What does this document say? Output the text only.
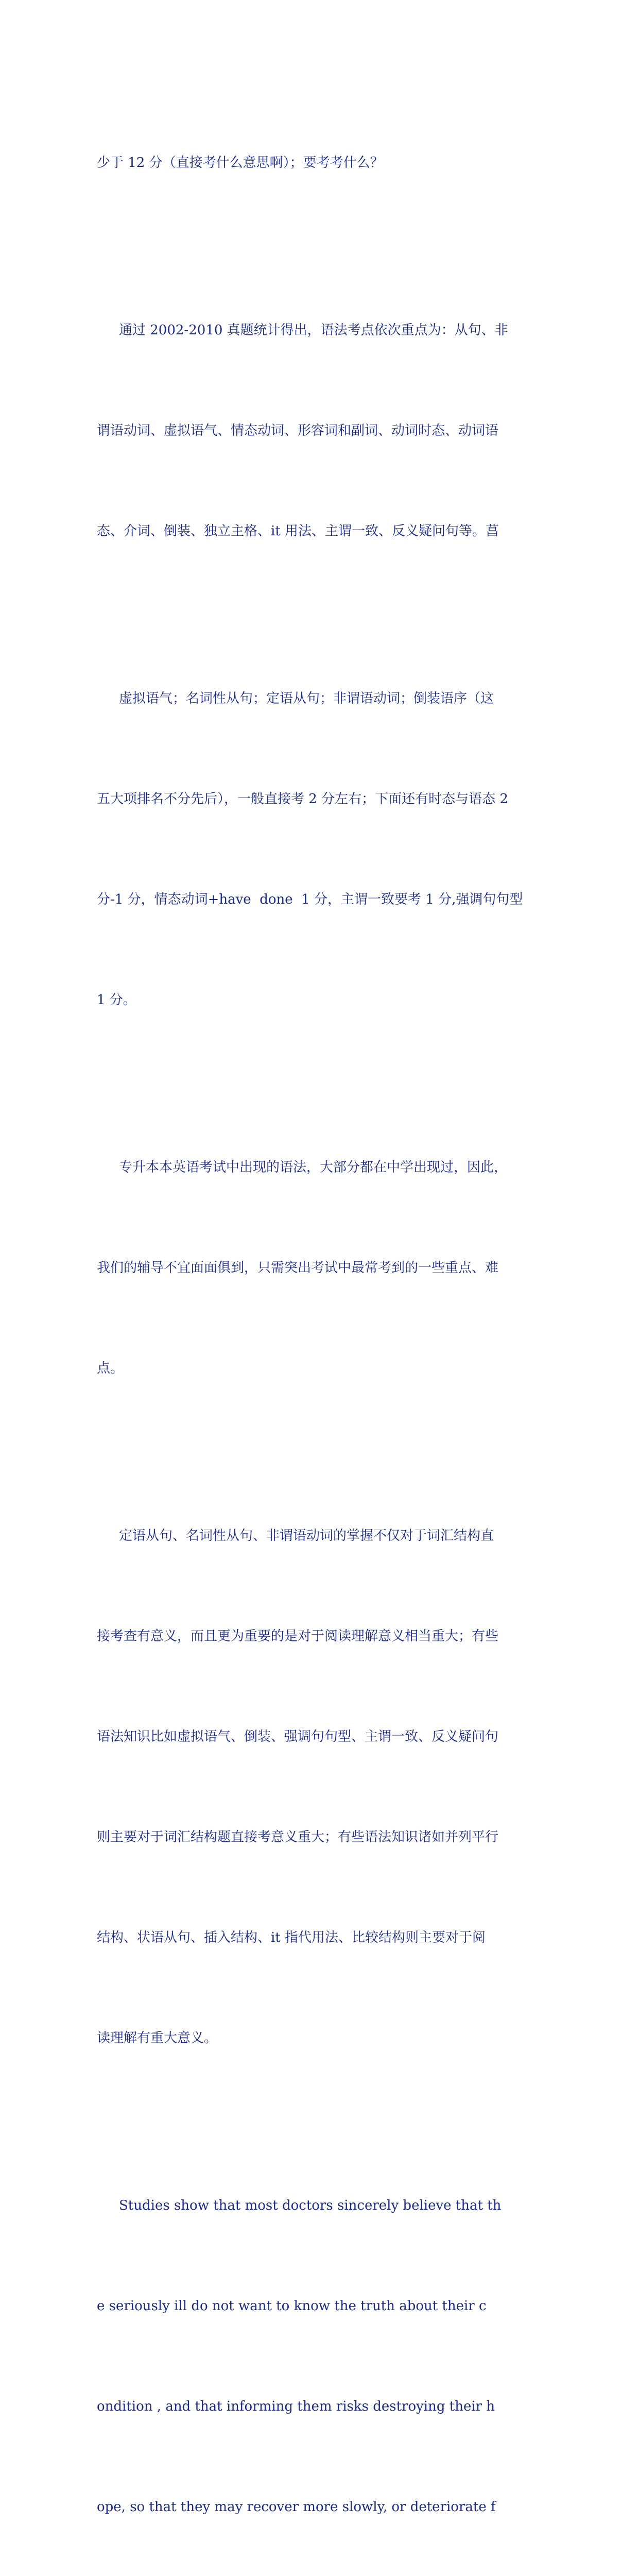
少于 12 分（直接考什么意思啊）；要考考什么？

通过 2002-2010 真题统计得出，语法考点依次重点为：从句、非

谓语动词、虚拟语气、情态动词、形容词和副词、动词时态、动词语

态、介词、倒装、独立主格、it 用法、主谓一致、反义疑问句等。菖

虚拟语气；名词性从句；定语从句；非谓语动词；倒装语序（这

五大项排名不分先后），一般直接考 2 分左右；下面还有时态与语态 2

分-1 分，情态动词+have  done  1 分，主谓一致要考 1 分,强调句句型

1 分。

专升本本英语考试中出现的语法，大部分都在中学出现过，因此，

我们的辅导不宜面面俱到，只需突出考试中最常考到的一些重点、难

点。

定语从句、名词性从句、非谓语动词的掌握不仅对于词汇结构直

接考查有意义，而且更为重要的是对于阅读理解意义相当重大；有些

语法知识比如虚拟语气、倒装、强调句句型、主谓一致、反义疑问句

则主要对于词汇结构题直接考意义重大；有些语法知识诸如并列平行

结构、状语从句、插入结构、it 指代用法、比较结构则主要对于阅

读理解有重大意义。

Studies show that most doctors sincerely believe that th

e seriously ill do not want to know the truth about their c

ondition , and that informing them risks destroying their h

ope, so that they may recover more slowly, or deteriorate f
